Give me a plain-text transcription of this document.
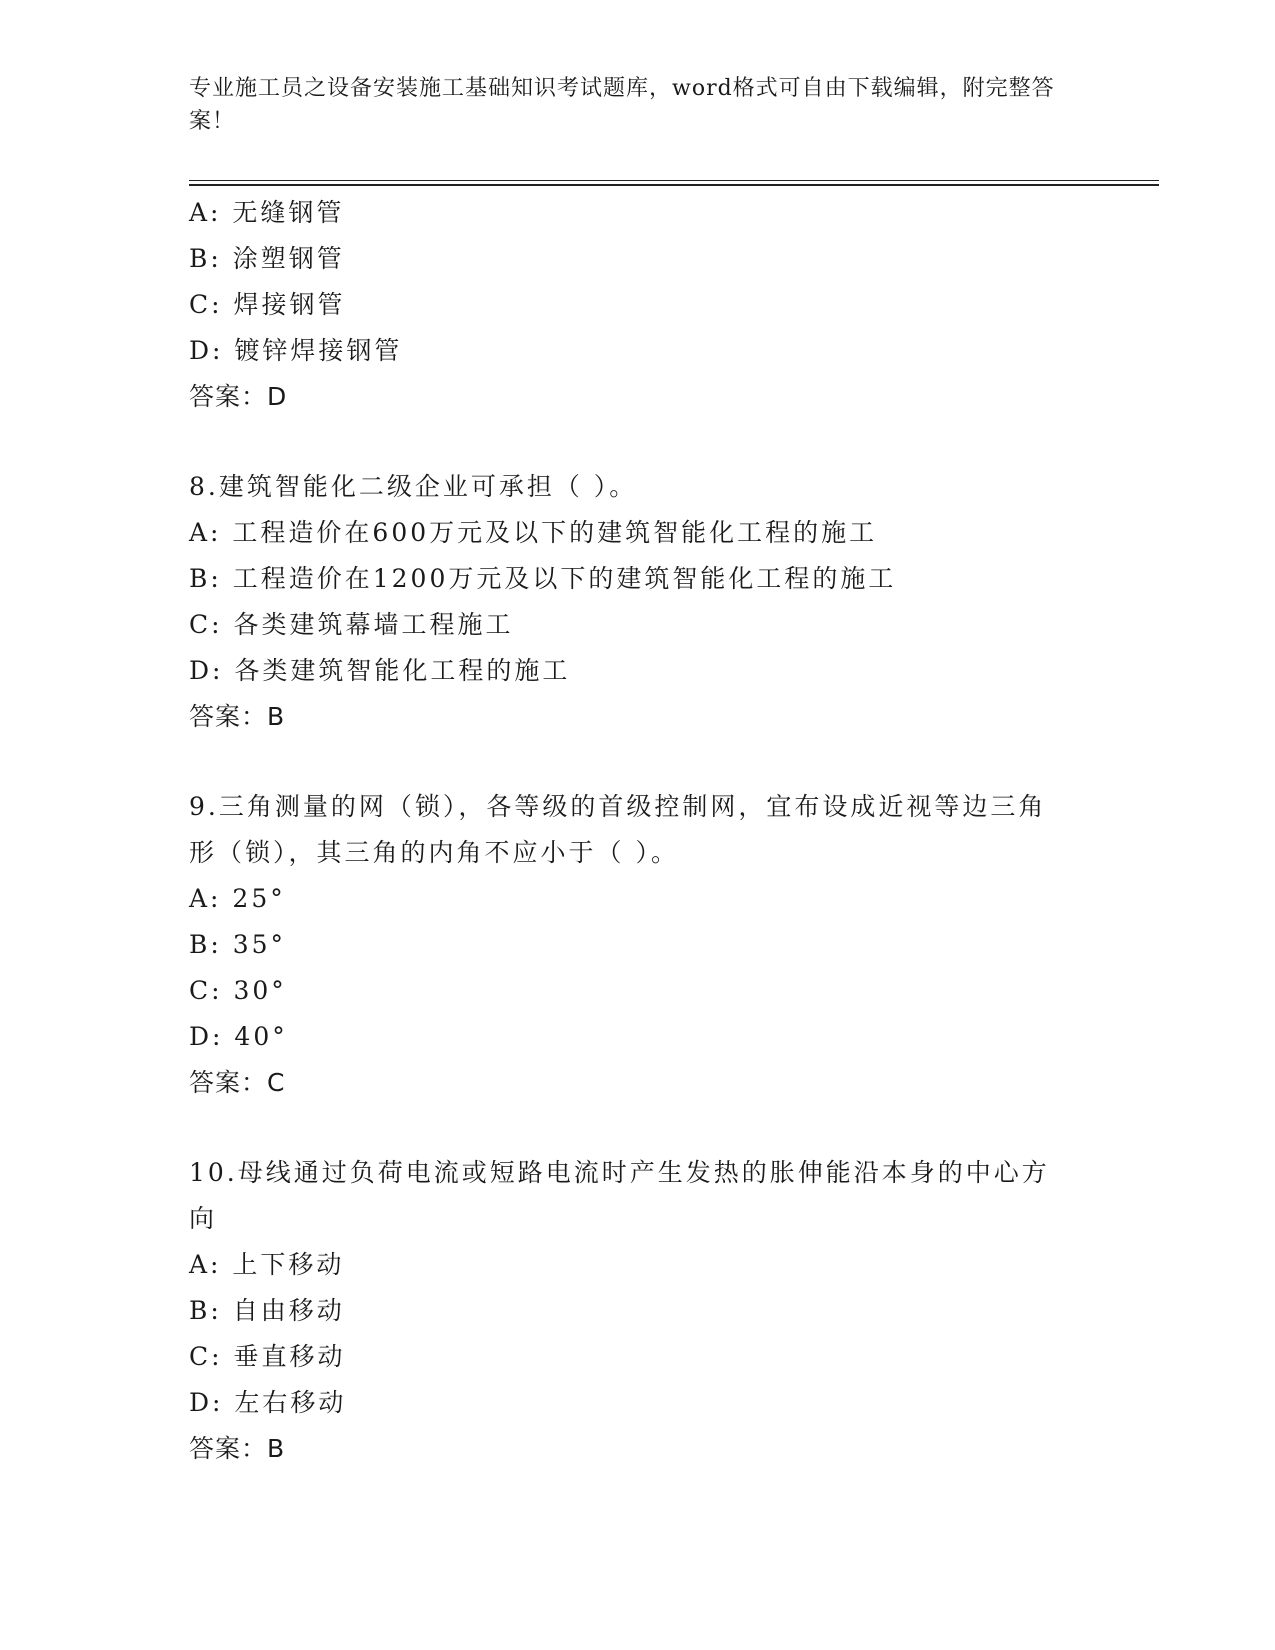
专业施工员之设备安装施工基础知识考试题库，word格式可自由下载编辑，附完整答案！
A: 无缝钢管
B: 涂塑钢管
C: 焊接钢管
D: 镀锌焊接钢管
答案：D
8.建筑智能化二级企业可承担（ ）。
A: 工程造价在600万元及以下的建筑智能化工程的施工
B: 工程造价在1200万元及以下的建筑智能化工程的施工
C: 各类建筑幕墙工程施工
D: 各类建筑智能化工程的施工
答案：B
9.三角测量的网（锁），各等级的首级控制网，宜布设成近视等边三角形（锁），其三角的内角不应小于（ ）。
A: 25°
B: 35°
C: 30°
D: 40°
答案：C
10.母线通过负荷电流或短路电流时产生发热的胀伸能沿本身的中心方向
A: 上下移动
B: 自由移动
C: 垂直移动
D: 左右移动
答案：B
